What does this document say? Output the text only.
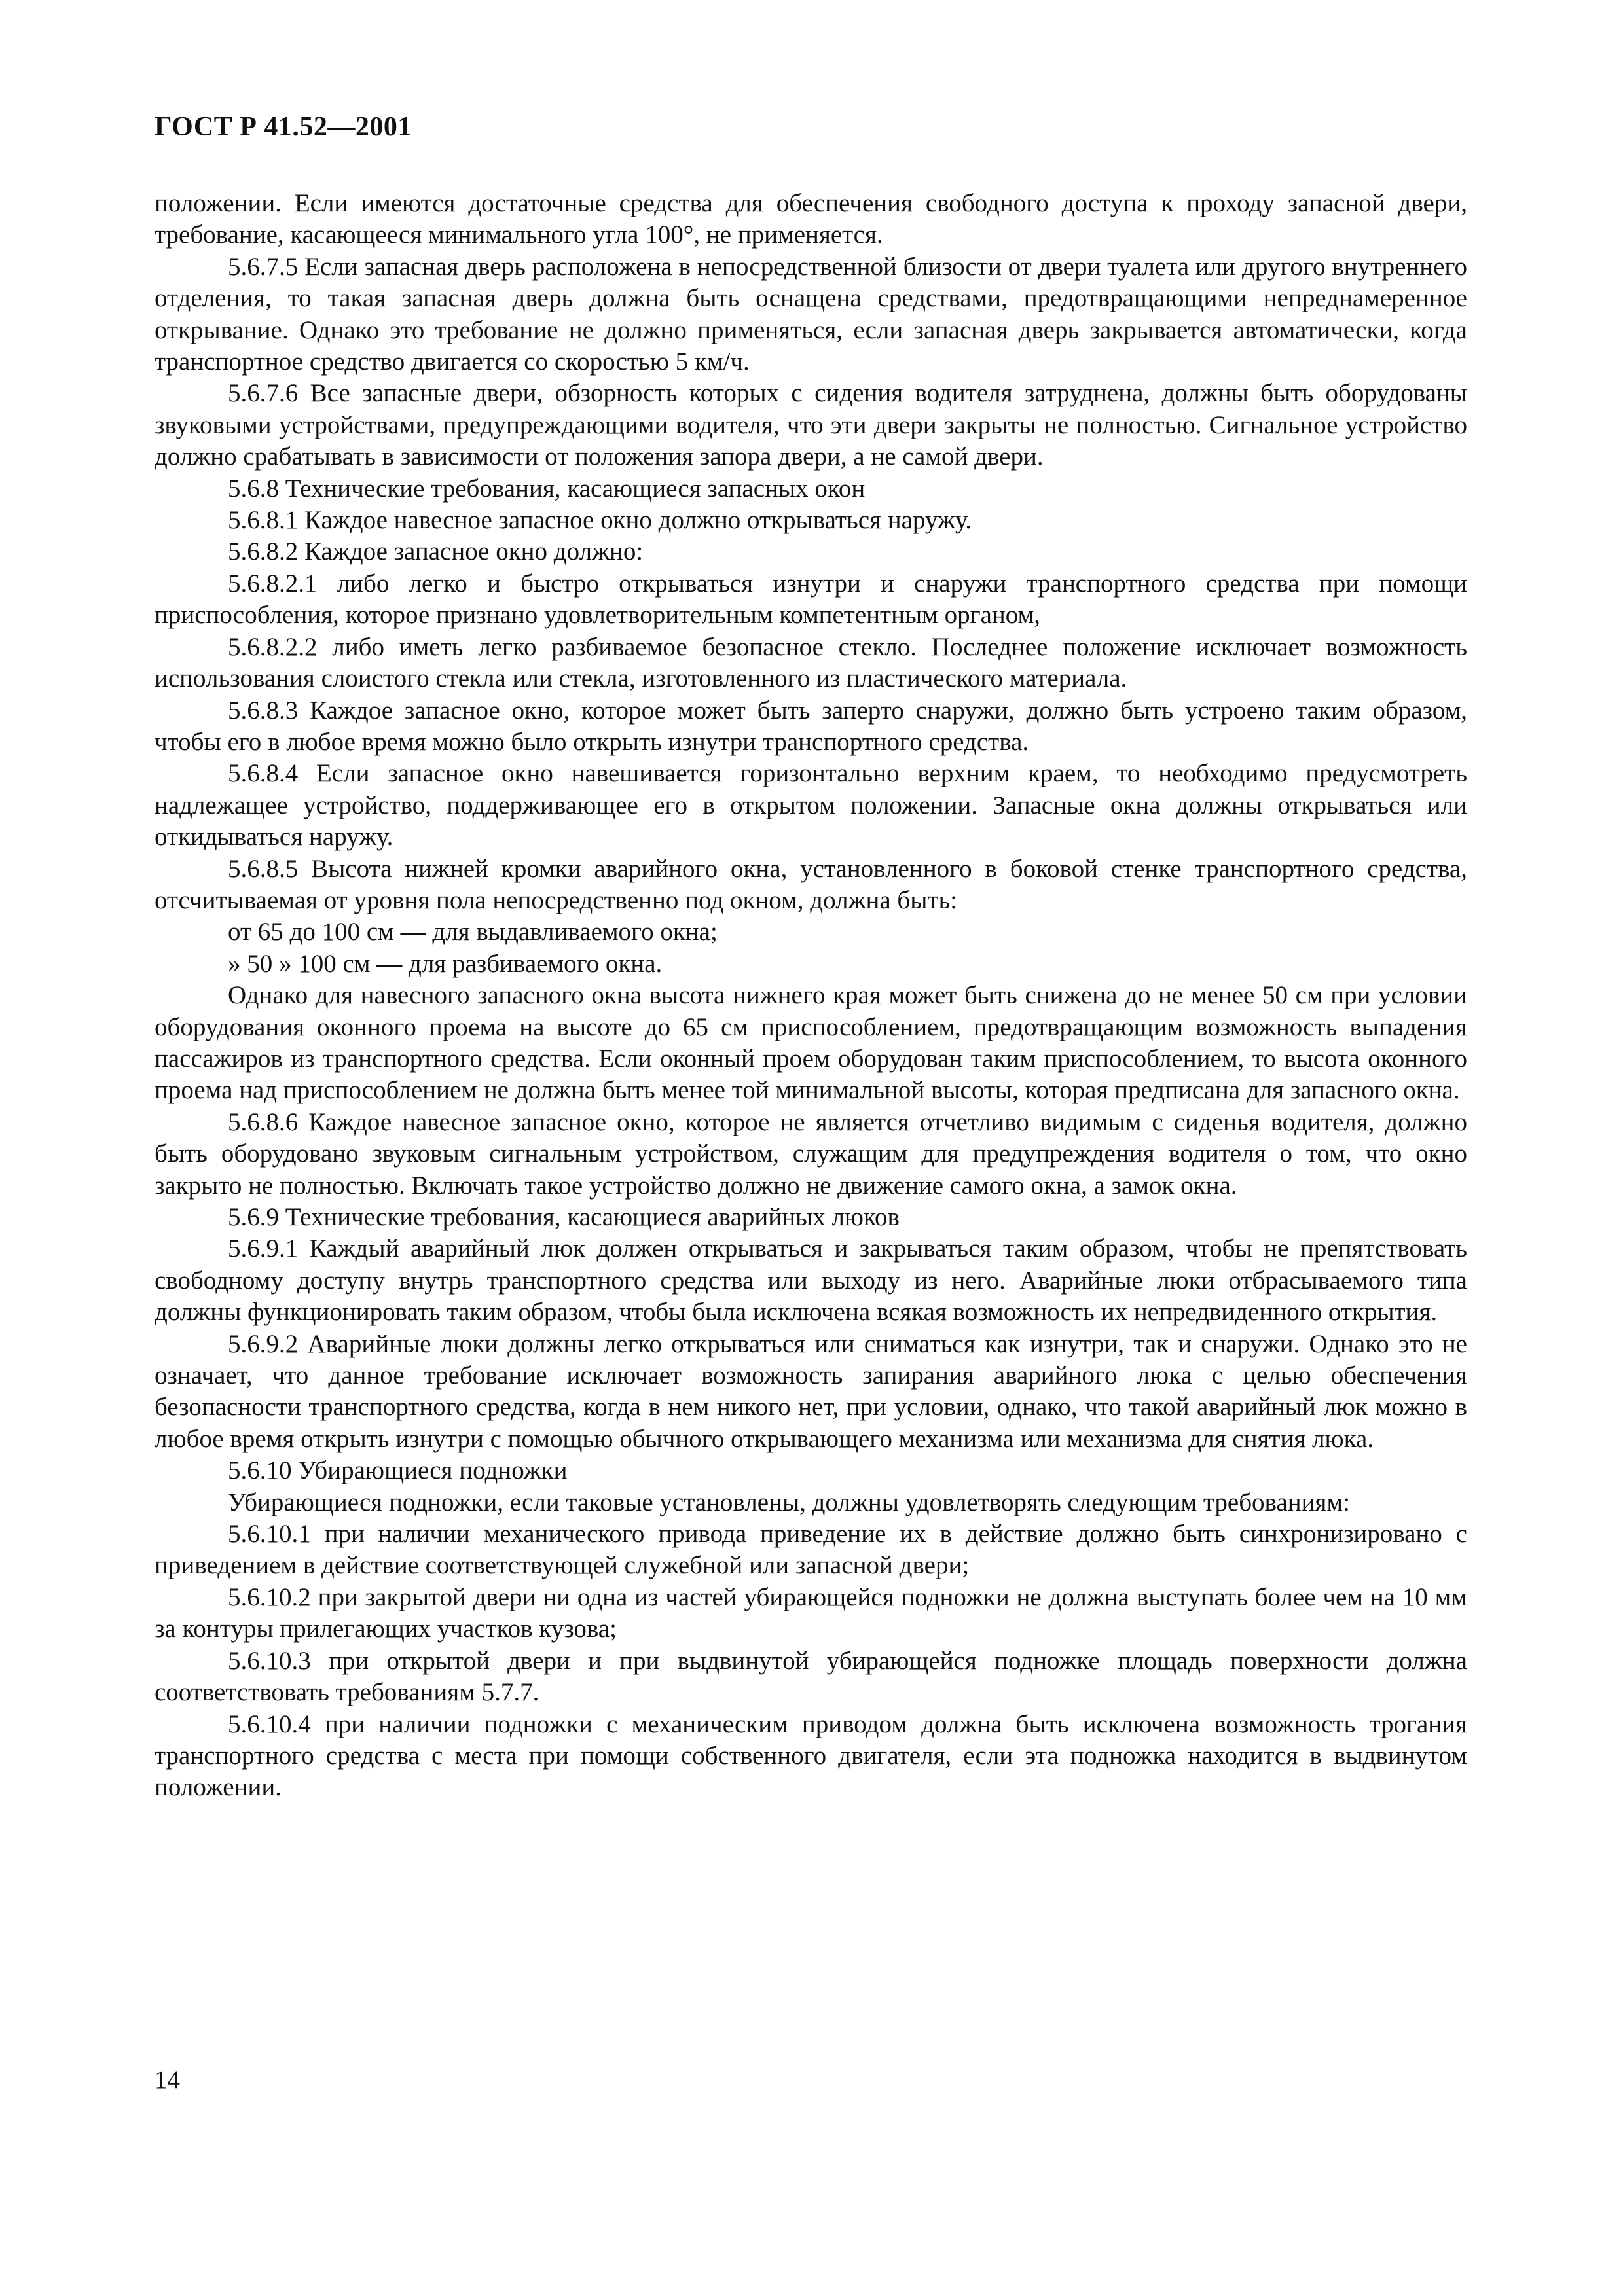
ГОСТ Р 41.52—2001

положении. Если имеются достаточные средства для обеспечения свободного доступа к проходу запасной двери, требование, касающееся минимального угла 100°, не применяется.

5.6.7.5 Если запасная дверь расположена в непосредственной близости от двери туалета или другого внутреннего отделения, то такая запасная дверь должна быть оснащена средствами, предотвращающими непреднамеренное открывание. Однако это требование не должно применяться, если запасная дверь закрывается автоматически, когда транспортное средство двигается со скоростью 5 км/ч.

5.6.7.6 Все запасные двери, обзорность которых с сидения водителя затруднена, должны быть оборудованы звуковыми устройствами, предупреждающими водителя, что эти двери закрыты не полностью. Сигнальное устройство должно срабатывать в зависимости от положения запора двери, а не самой двери.

5.6.8 Технические требования, касающиеся запасных окон

5.6.8.1 Каждое навесное запасное окно должно открываться наружу.

5.6.8.2 Каждое запасное окно должно:

5.6.8.2.1 либо легко и быстро открываться изнутри и снаружи транспортного средства при помощи приспособления, которое признано удовлетворительным компетентным органом,

5.6.8.2.2 либо иметь легко разбиваемое безопасное стекло. Последнее положение исключает возможность использования слоистого стекла или стекла, изготовленного из пластического материала.

5.6.8.3 Каждое запасное окно, которое может быть заперто снаружи, должно быть устроено таким образом, чтобы его в любое время можно было открыть изнутри транспортного средства.

5.6.8.4 Если запасное окно навешивается горизонтально верхним краем, то необходимо предусмотреть надлежащее устройство, поддерживающее его в открытом положении. Запасные окна должны открываться или откидываться наружу.

5.6.8.5 Высота нижней кромки аварийного окна, установленного в боковой стенке транспортного средства, отсчитываемая от уровня пола непосредственно под окном, должна быть:

от 65 до 100 см — для выдавливаемого окна;

» 50 » 100 см — для разбиваемого окна.

Однако для навесного запасного окна высота нижнего края может быть снижена до не менее 50 см при условии оборудования оконного проема на высоте до 65 см приспособлением, предотвращающим возможность выпадения пассажиров из транспортного средства. Если оконный проем оборудован таким приспособлением, то высота оконного проема над приспособлением не должна быть менее той минимальной высоты, которая предписана для запасного окна.

5.6.8.6 Каждое навесное запасное окно, которое не является отчетливо видимым с сиденья водителя, должно быть оборудовано звуковым сигнальным устройством, служащим для предупреждения водителя о том, что окно закрыто не полностью. Включать такое устройство должно не движение самого окна, а замок окна.

5.6.9 Технические требования, касающиеся аварийных люков

5.6.9.1 Каждый аварийный люк должен открываться и закрываться таким образом, чтобы не препятствовать свободному доступу внутрь транспортного средства или выходу из него. Аварийные люки отбрасываемого типа должны функционировать таким образом, чтобы была исключена всякая возможность их непредвиденного открытия.

5.6.9.2 Аварийные люки должны легко открываться или сниматься как изнутри, так и снаружи. Однако это не означает, что данное требование исключает возможность запирания аварийного люка с целью обеспечения безопасности транспортного средства, когда в нем никого нет, при условии, однако, что такой аварийный люк можно в любое время открыть изнутри с помощью обычного открывающего механизма или механизма для снятия люка.

5.6.10 Убирающиеся подножки

Убирающиеся подножки, если таковые установлены, должны удовлетворять следующим требованиям:

5.6.10.1 при наличии механического привода приведение их в действие должно быть синхронизировано с приведением в действие соответствующей служебной или запасной двери;

5.6.10.2 при закрытой двери ни одна из частей убирающейся подножки не должна выступать более чем на 10 мм за контуры прилегающих участков кузова;

5.6.10.3 при открытой двери и при выдвинутой убирающейся подножке площадь поверхности должна соответствовать требованиям 5.7.7.

5.6.10.4 при наличии подножки с механическим приводом должна быть исключена возможность трогания транспортного средства с места при помощи собственного двигателя, если эта подножка находится в выдвинутом положении.

14
